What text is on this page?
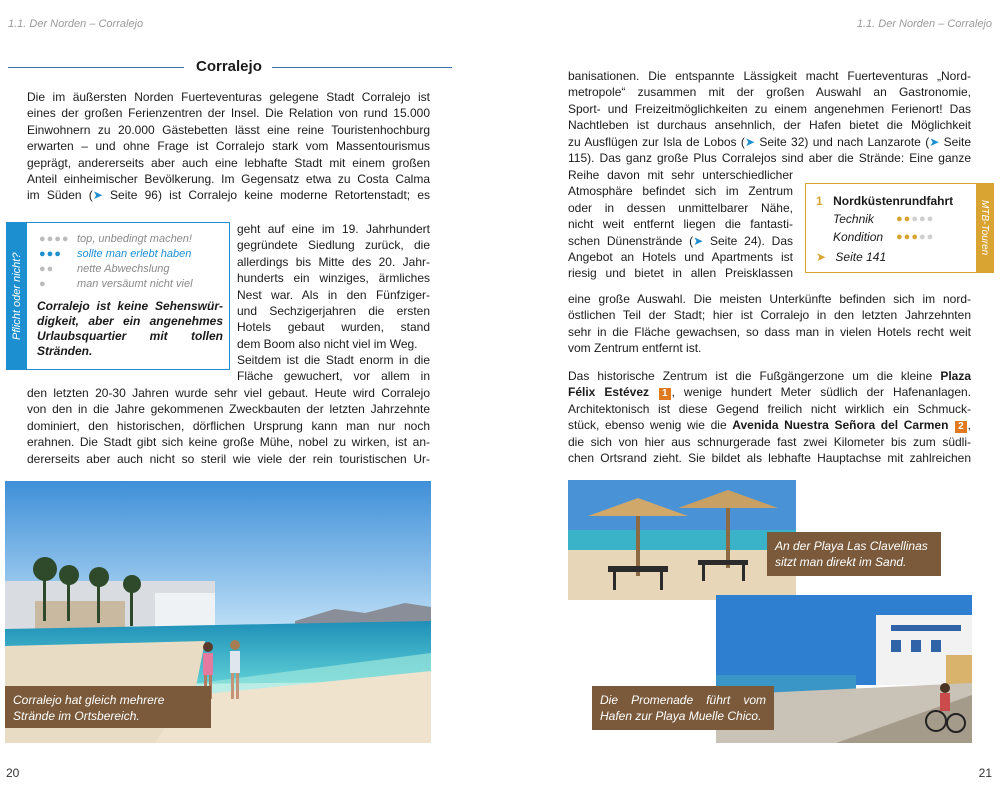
1.1. Der Norden – Corralejo	1.1. Der Norden – Corralejo
Corralejo

Die im äußersten Norden Fuerteventuras gelegene Stadt Corralejo ist

eines der großen Ferienzentren der Insel. Die Relation von rund 15.000

Einwohnern zu 20.000 Gästebetten lässt eine reine Touristenhochburg

erwarten – und ohne Frage ist Corralejo stark vom Massentourismus

geprägt, andererseits aber auch eine lebhafte Stadt mit einem großen

Anteil einheimischer Bevölkerung. Im Gegensatz etwa zu Costa Calma

im Süden (➤ Seite 96) ist Corralejo keine moderne Retortenstadt; es

Pflicht oder nicht?
●●●● top, unbedingt machen!
●●● sollte man erlebt haben
●● nette Abwechslung
●	man versäumt nicht viel
Corralejo ist keine Sehenswür-
digkeit, aber ein angenehmes
Urlaubsquartier mit tollen
Stränden.

geht auf eine im 19. Jahrhundert

gegründete Siedlung zurück, die

allerdings bis Mitte des 20. Jahr-

hunderts ein winziges, ärmliches

Nest war. Als in den Fünfziger-

und Sechzigerjahren die ersten

Hotels gebaut wurden, stand

dem Boom also nicht viel im Weg.

Seitdem ist die Stadt enorm in die

Fläche gewuchert, vor allem in

den letzten 20-30 Jahren wurde sehr viel gebaut. Heute wird Corralejo

von den in die Jahre gekommenen Zweckbauten der letzten Jahrzehnte

dominiert, den historischen, dörflichen Ursprung kann man nur noch

erahnen. Die Stadt gibt sich keine große Mühe, nobel zu wirken, ist an-

dererseits aber auch nicht so steril wie viele der rein touristischen Ur-

Corralejo hat gleich mehrere
Strände im Ortsbereich.
20

banisationen. Die entspannte Lässigkeit macht Fuerteventuras „Nord-

metropole“ zusammen mit der großen Auswahl an Gastronomie,

Sport- und Freizeitmöglichkeiten zu einem angenehmen Ferienort! Das

Nachtleben ist durchaus ansehnlich, der Hafen bietet die Möglichkeit

zu Ausflügen zur Isla de Lobos (➤ Seite 32) und nach Lanzarote (➤ Seite

115). Das ganz große Plus Corralejos sind aber die Strände: Eine ganze

Reihe davon mit sehr unterschiedlicher

Atmosphäre befindet sich im Zentrum

oder in dessen unmittelbarer Nähe,

nicht weit entfernt liegen die fantasti-

schen Dünenstrände (➤ Seite 24). Das

Angebot an Hotels und Apartments ist

riesig und bietet in allen Preisklassen

MTB-Touren
1 Nordküstenrundfahrt
Technik ●●●●●
Kondition ●●●●●
➤ Seite 141

eine große Auswahl. Die meisten Unterkünfte befinden sich im nord-

östlichen Teil der Stadt; hier ist Corralejo in den letzten Jahrzehnten

sehr in die Fläche gewachsen, so dass man in vielen Hotels recht weit

vom Zentrum entfernt ist.

Das historische Zentrum ist die Fußgängerzone um die kleine Plaza

Félix Estévez 1 , wenige hundert Meter südlich der Hafenanlagen.

Architektonisch ist diese Gegend freilich nicht wirklich ein Schmuck-

stück, ebenso wenig wie die Avenida Nuestra Señora del Carmen 2 ,

die sich von hier aus schnurgerade fast zwei Kilometer bis zum südli-

chen Ortsrand zieht. Sie bildet als lebhafte Hauptachse mit zahlreichen

An der Playa Las Clavellinas
sitzt man direkt im Sand.
Die Promenade führt vom
Hafen zur Playa Muelle Chico.
21
